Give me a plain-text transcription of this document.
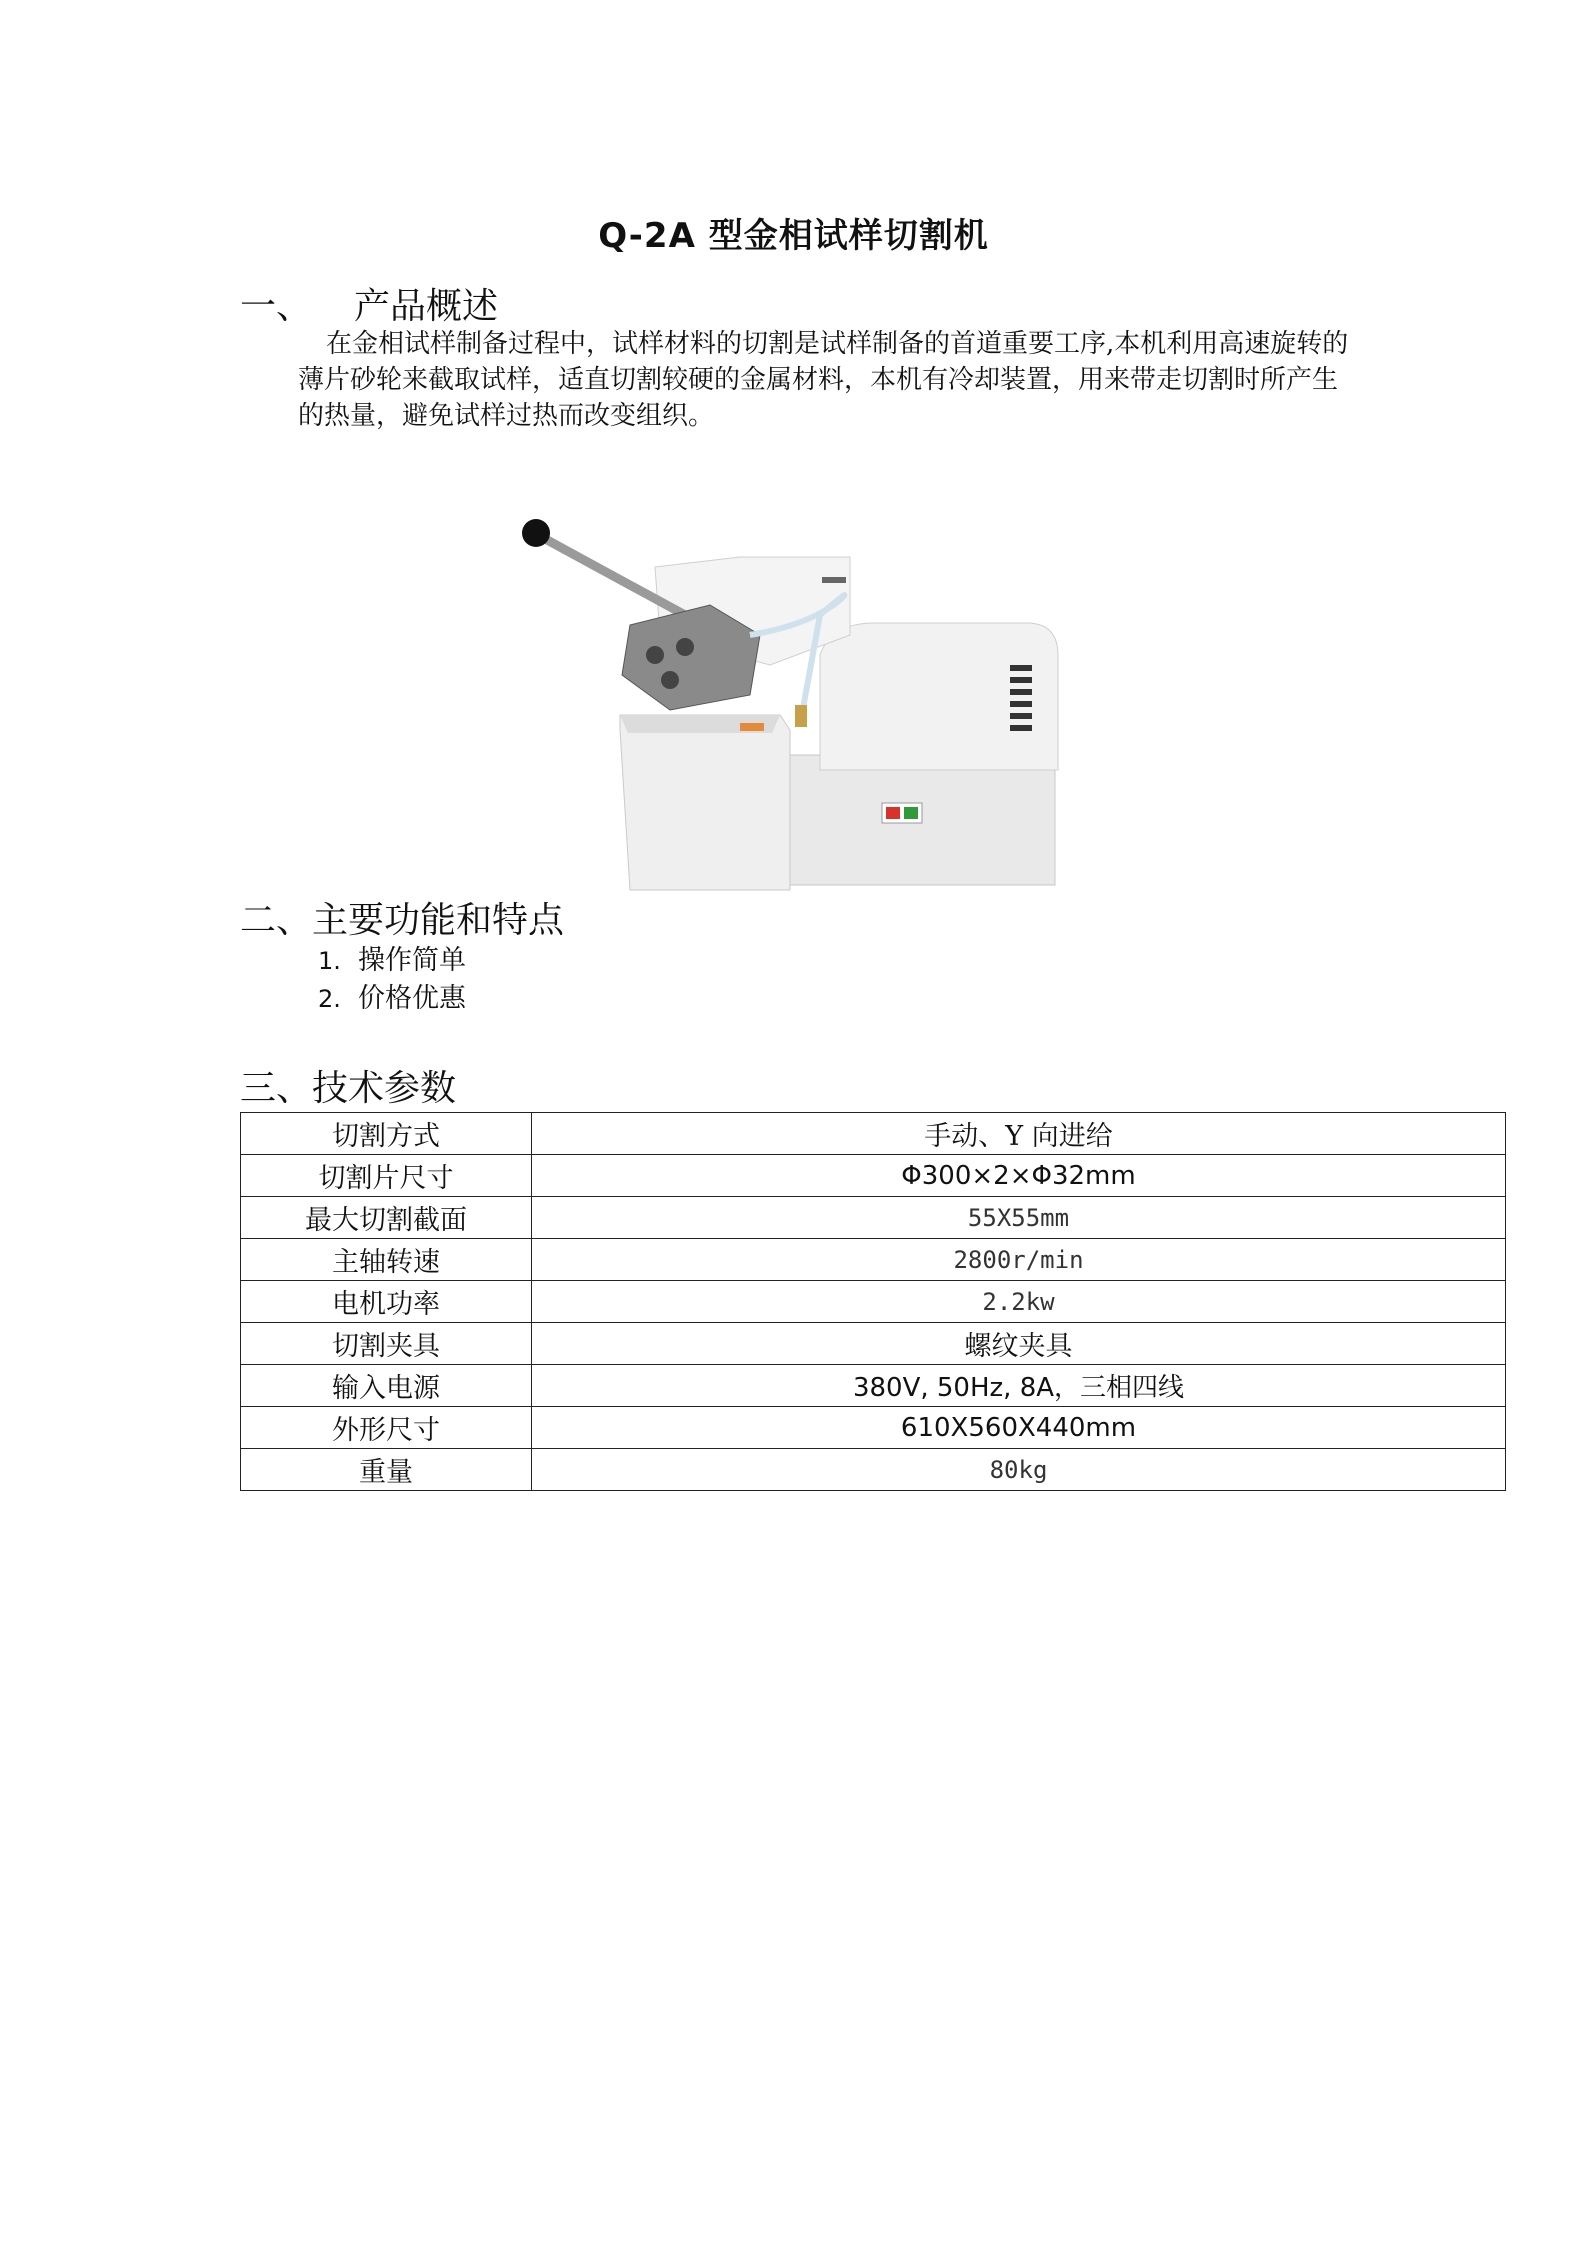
Q-2A 型金相试样切割机
一、 产品概述
在金相试样制备过程中，试样材料的切割是试样制备的首道重要工序,本机利用高速旋转的薄片砂轮来截取试样，适直切割较硬的金属材料，本机有冷却装置，用来带走切割时所产生的热量，避免试样过热而改变组织。
二、主要功能和特点
1. 操作简单
2. 价格优惠
三、技术参数
切割方式	手动、Y 向进给
切割片尺寸	Φ300×2×Φ32mm
最大切割截面	55X55mm
主轴转速	2800r/min
电机功率	2.2kw
切割夹具	螺纹夹具
输入电源	380V, 50Hz, 8A，三相四线
外形尺寸	610X560X440mm
重量	80kg
